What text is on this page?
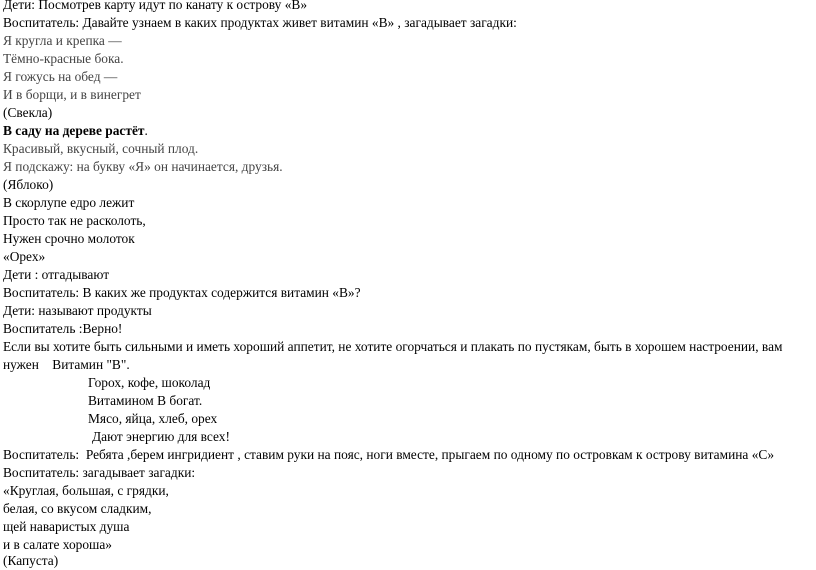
Дети: Посмотрев карту идут по канату к острову «В»
Воспитатель: Давайте узнаем в каких продуктах живет витамин «В» , загадывает загадки:
Я кругла и крепка —
Тёмно-красные бока.
Я гожусь на обед —
И в борщи, и в винегрет
(Свекла)
В саду на дереве растёт.
Красивый, вкусный, сочный плод.
Я подскажу: на букву «Я» он начинается, друзья.
(Яблоко)
В скорлупе едро лежит
Просто так не расколоть,
Нужен срочно молоток
«Орех»
Дети : отгадывают
Воспитатель: В каких же продуктах содержится витамин «В»?
Дети: называют продукты
Воспитатель :Верно!
Если вы хотите быть сильными и иметь хороший аппетит, не хотите огорчаться и плакать по пустякам, быть в хорошем настроении, вам
нужен    Витамин "В".
Горох, кофе, шоколад
Витамином В богат.
Мясо, яйца, хлеб, орех
Дают энергию для всех!
Воспитатель:  Ребята ,берем ингридиент , ставим руки на пояс, ноги вместе, прыгаем по одному по островкам к острову витамина «С»
Воспитатель: загадывает загадки:
«Круглая, большая, с грядки,
белая, со вкусом сладким,
щей наваристых душа
и в салате хороша»
(Капуста)
